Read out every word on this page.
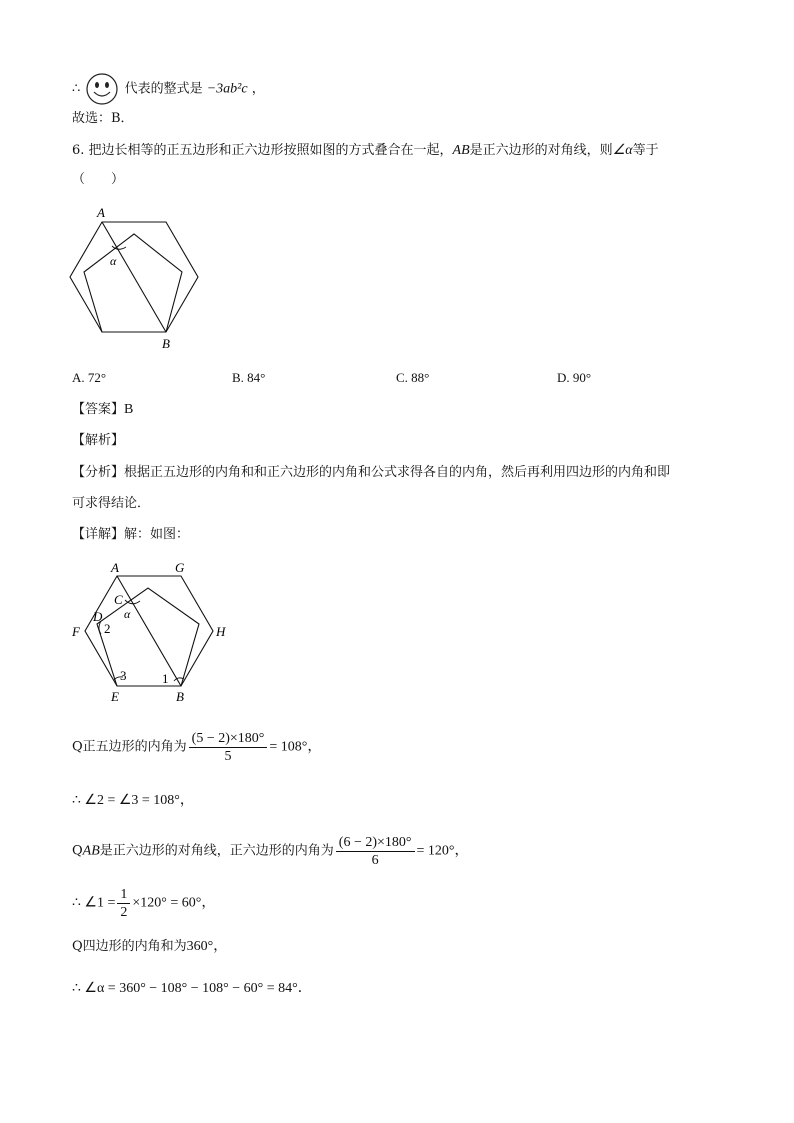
∴	代表的整式是 −3ab²c ，
故选：B．
6. 把边长相等的正五边形和正六边形按照如图的方式叠合在一起，AB是正六边形的对角线，则∠α等于
（　　）
A
B
α
A. 72°	B. 84°	C. 88°	D. 90°
【答案】B
【解析】
【分析】根据正五边形的内角和和正六边形的内角和公式求得各自的内角，然后再利用四边形的内角和即
可求得结论．
【详解】解：如图：
A	G
C
D α
F	H
2
3	1
E	B
Q正五边形的内角为 $\frac{(5 - 2)\times 180^\circ}{5} = 108^\circ$，
∴ ∠2 = ∠3 = 108°，
QAB是正六边形的对角线，正六边形的内角为 $\frac{(6 - 2)\times 180^\circ}{6} = 120^\circ$，
∴ ∠1 = $\frac{1}{2} \times 120^\circ = 60^\circ$，
Q四边形的内角和为360°，
∴ ∠α = 360° − 108° − 108° − 60° = 84°．
